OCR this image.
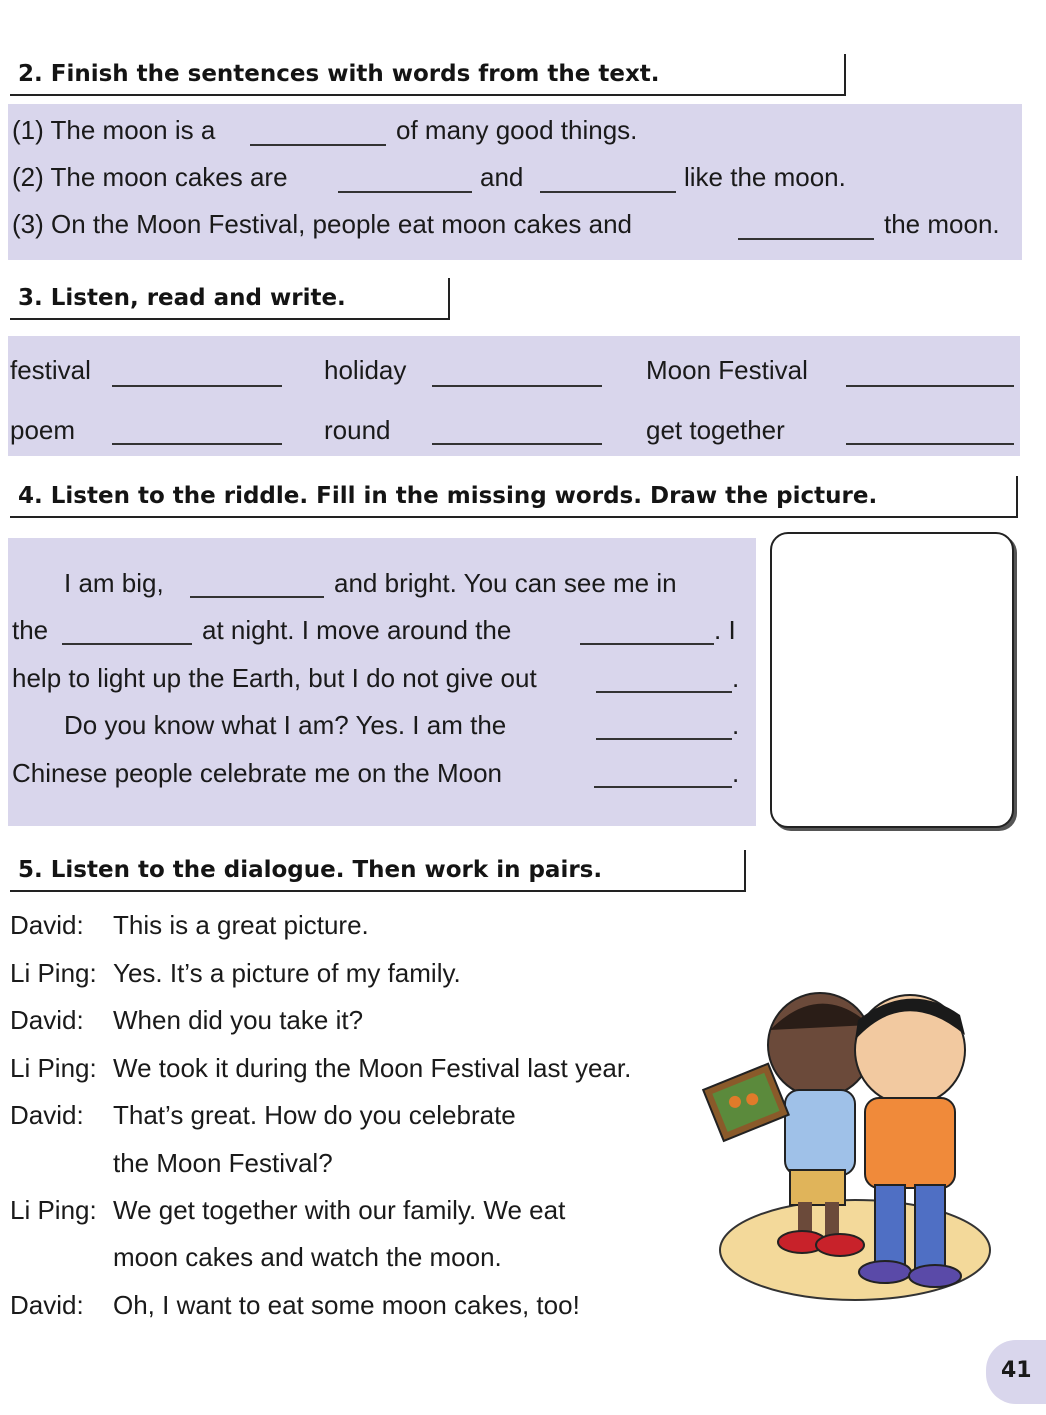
2. Finish the sentences with words from the text.
(1) The moon is a	of many good things.
(2) The moon cakes are	and	like the moon.
(3) On the Moon Festival, people eat moon cakes and	the moon.
3. Listen, read and write.
festival	holiday	Moon Festival
poem	round	get together
4. Listen to the riddle. Fill in the missing words. Draw the picture.
I am big,	and bright. You can see me in
the	at night. I move around the	. I
help to light up the Earth, but I do not give out	.
Do you know what I am? Yes. I am the	.
Chinese people celebrate me on the Moon	.
5. Listen to the dialogue. Then work in pairs.
David: This is a great picture.
Li Ping: Yes. It’s a picture of my family.
David: When did you take it?
Li Ping: We took it during the Moon Festival last year.
David: That’s great. How do you celebrate
the Moon Festival?
Li Ping: We get together with our family. We eat
moon cakes and watch the moon.
David: Oh, I want to eat some moon cakes, too!
41
